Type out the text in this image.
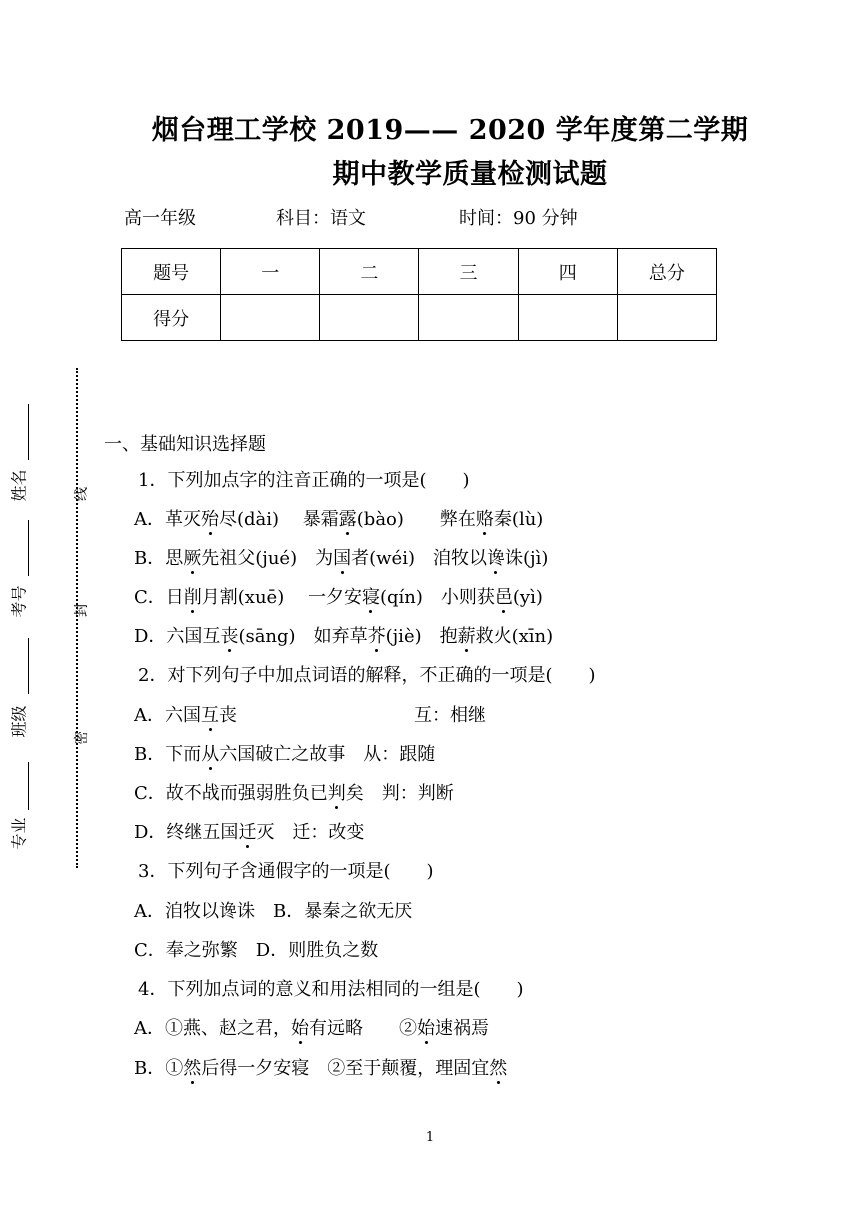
烟台理工学校 2019—— 2020 学年度第二学期
期中教学质量检测试题
高一年级	科目：语文	时间：90 分钟
题号	一	二	三	四	总分
得分					
姓名
考号
班级
专业
线
封
密
一、基础知识选择题
1．下列加点字的注音正确的一项是(　　)
A．革灭殆尽(dài)　 暴霜露(bào)　　弊在赂秦(lù)
B．思厥先祖父(jué)　为国者(wéi)　洎牧以谗诛(jì)
C．日削月割(xuē)　 一夕安寝(qín)　小则获邑(yì)
D．六国互丧(sāng)　如弃草芥(jiè)　抱薪救火(xīn)
2．对下列句子中加点词语的解释，不正确的一项是(　　)
A．六国互丧	互：相继
B．下而从六国破亡之故事　从：跟随
C．故不战而强弱胜负已判矣　判：判断
D．终继五国迁灭　迁：改变
3．下列句子含通假字的一项是(　　)
A．洎牧以谗诛　B．暴秦之欲无厌
C．奉之弥繁　D．则胜负之数
4．下列加点词的意义和用法相同的一组是(　　)
A．①燕、赵之君，始有远略　　②始速祸焉
B．①然后得一夕安寝　②至于颠覆，理固宜然
1
